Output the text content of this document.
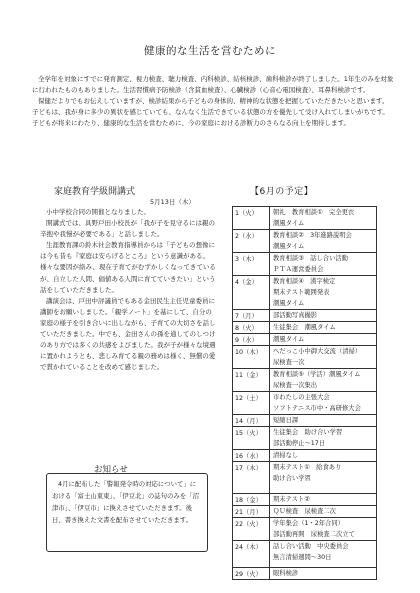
健康的な生活を営むために

全学年を対象にすでに発育測定、視力検査、聴力検査、内科検診、結核検診、歯科検診が終了しました。1年生のみを対象に行われたものもありました。生活習慣病予防検診（含貧血検査）、心臓検診（心音心電図検査）、耳鼻科検診です。

保健だよりでもお伝えしていますが、検診結果から子どもの身体的、精神的な状態を把握していただきたいと思います。子どもは、我が身に多少の異状を感じていても、なんなく生活できている状態の方を優先して受け入れてしまいがちです。子どもが将来にわたり、健康的な生活を営むために、今の家庭における診断力のさらなる向上を期待します。

家庭教育学級開講式
5月13日（木）

小中学校合同の開催となりました。

開講式では、具野戸田小校長が「我が子を見守るには親の辛抱や我慢が必要である」と話しました。

生涯教育課の鈴木社会教育指導員からは「子どもの想像には今も昔も『家庭は安らげるところ』という意識がある。様々な要因が絡み、現在子育てがむずかしくなってきているが、自立した人間、価値ある人間に育てていきたい」という話をしていただきました。

講演会は、戸田中評議員でもある金田民生主任児童委員に講師をお願いしました。「親学ノート」を基にして、自分の家庭の様子を引き合いに出しながら、子育ての大切さを話していただきました。中でも、金田さんの孫を通してのしつけのあり方では多くの共感をよびました。我が子が様々な境遇に置かれようとも、悲しみ育てる親の務めは様く、無償の愛で貫かれていることを改めて感じました。

お知らせ

4月に配布した「警報発令時の対応について」における「富士山東東」、「伊豆北」の誌句のみを「沼津市」、「伊豆市」に換えさせていただきます。後日、書き換えた文書を配布させていただきます。

【6月の予定】
1（火）	朝礼　教育相談①　完全更衣
潮風タイム
2（水）	教育相談②　3年進路説明会
潮風タイム
3（木）	教育相談③　話し合い活動
ＰＴＡ運営委員会
4（金）	教育相談④　漢字検定
期末テスト範囲発表
潮風タイム
7（月）	部活動写真撮影
8（火）	生徒集会　潮風タイム
9（水）	潮風タイム
10（木）	へだっこ小中御大交流（清掃）
尿検査一次
11（金）	教育相談⑤（学活）潮風タイム
尿検査一次集出
12（土）	市わたしの主張大会
ソフトテニス市中・高研修大会
14（月）	短縮日課
15（火）	生徒集会　助け合い学習
部活動停止～17日
16（水）	清掃なし
17（木）	期末テスト①　給食あり
助け合い学習
18（金）	期末テスト②
21（月）	ＱＵ検査　尿検査二次
22（火）	学年集会（1・2年合同）
部活動再開　尿検査二次立て
24（木）	話し合い活動　中央委員会
無言清掃週間～30日
29（火）	眼科検診
